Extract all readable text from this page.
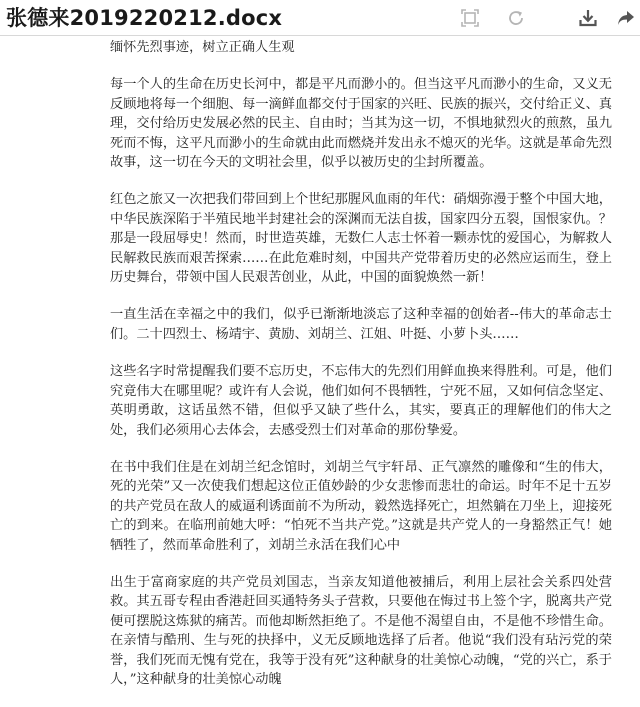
张德来2019220212.docx

缅怀先烈事迹，树立正确人生观

每一个人的生命在历史长河中，都是平凡而渺小的。但当这平凡而渺小的生命，又义无反顾地将每一个细胞、每一滴鲜血都交付于国家的兴旺、民族的振兴，交付给正义、真理，交付给历史发展必然的民主、自由时；当其为这一切，不惧地狱烈火的煎熬，虽九死而不悔，这平凡而渺小的生命就由此而燃烧并发出永不熄灭的光华。这就是革命先烈故事，这一切在今天的文明社会里，似乎以被历史的尘封所覆盖。

红色之旅又一次把我们带回到上个世纪那腥风血雨的年代：硝烟弥漫于整个中国大地，中华民族深陷于半殖民地半封建社会的深渊而无法自拔，国家四分五裂，国恨家仇。？那是一段屈辱史！然而，时世造英雄，无数仁人志士怀着一颗赤忱的爱国心，为解救人民解救民族而艰苦探索……在此危难时刻，中国共产党带着历史的必然应运而生，登上历史舞台，带领中国人民艰苦创业，从此，中国的面貌焕然一新！

一直生活在幸福之中的我们，似乎已渐渐地淡忘了这种幸福的创始者--伟大的革命志士们。二十四烈士、杨靖宇、黄励、刘胡兰、江姐、叶挺、小萝卜头……

这些名字时常提醒我们要不忘历史，不忘伟大的先烈们用鲜血换来得胜利。可是，他们究竟伟大在哪里呢？或许有人会说，他们如何不畏牺牲，宁死不屈，又如何信念坚定、英明勇敢，这话虽然不错，但似乎又缺了些什么，其实，要真正的理解他们的伟大之处，我们必须用心去体会，去感受烈士们对革命的那份挚爱。

在书中我们住是在刘胡兰纪念馆时，刘胡兰气宇轩昂、正气凛然的雕像和“生的伟大，死的光荣”又一次使我们想起这位正值妙龄的少女悲惨而悲壮的命运。时年不足十五岁的共产党员在敌人的威逼利诱面前不为所动，毅然选择死亡，坦然躺在刀坐上，迎接死亡的到来。在临刑前她大呼：“怕死不当共产党。”这就是共产党人的一身豁然正气！她牺牲了，然而革命胜利了，刘胡兰永活在我们心中

出生于富商家庭的共产党员刘国志，当亲友知道他被捕后，利用上层社会关系四处营救。其五哥专程由香港赶回买通特务头子营救，只要他在悔过书上签个字，脱离共产党便可摆脱这炼狱的痛苦。而他却断然拒绝了。不是他不渴望自由，不是他不珍惜生命。在亲情与酷刑、生与死的抉择中，义无反顾地选择了后者。他说“我们没有玷污党的荣誉，我们死而无愧有党在，我等于没有死”这种献身的壮美惊心动魄，“党的兴亡，系于人，”这种献身的壮美惊心动魄
